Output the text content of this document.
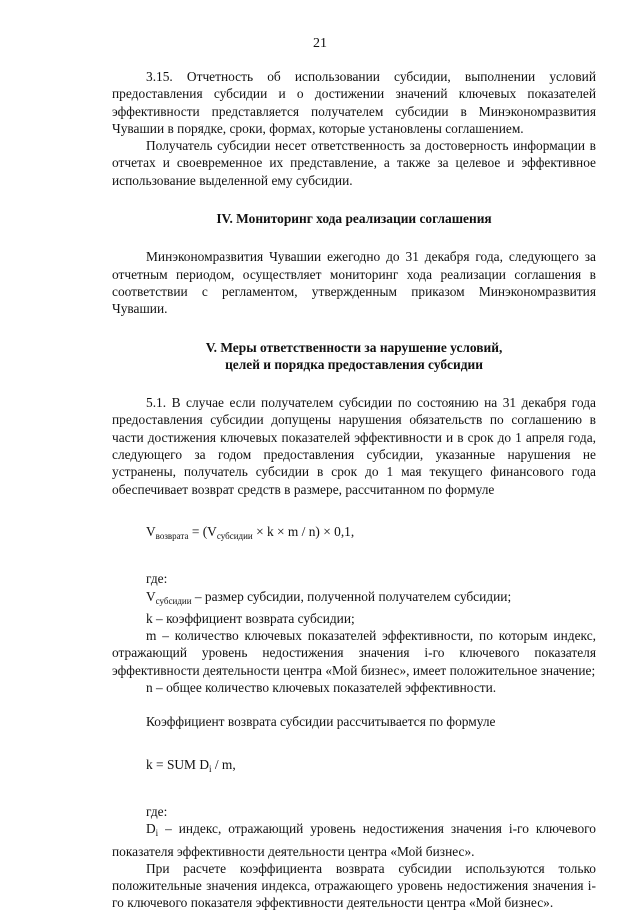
21

3.15. Отчетность об использовании субсидии, выполнении условий предоставления субсидии и о достижении значений ключевых показателей эффективности представляется получателем субсидии в Минэкономразвития Чувашии в порядке, сроки, формах, которые установлены соглашением.

Получатель субсидии несет ответственность за достоверность информации в отчетах и своевременное их представление, а также за целевое и эффективное использование выделенной ему субсидии.

IV. Мониторинг хода реализации соглашения

Минэкономразвития Чувашии ежегодно до 31 декабря года, следующего за отчетным периодом, осуществляет мониторинг хода реализации соглашения в соответствии с регламентом, утвержденным приказом Минэкономразвития Чувашии.

V. Меры ответственности за нарушение условий,

целей и порядка предоставления субсидии

5.1. В случае если получателем субсидии по состоянию на 31 декабря года предоставления субсидии допущены нарушения обязательств по соглашению в части достижения ключевых показателей эффективности и в срок до 1 апреля года, следующего за годом предоставления субсидии, указанные нарушения не устранены, получатель субсидии в срок до 1 мая текущего финансового года обеспечивает возврат средств в размере, рассчитанном по формуле

$V_{возврата} = (V_{субсидии} \times k \times m / n) \times 0,1$,

где:

$V_{субсидии}$ – размер субсидии, полученной получателем субсидии;

k – коэффициент возврата субсидии;

m – количество ключевых показателей эффективности, по которым индекс, отражающий уровень недостижения значения i-го ключевого показателя эффективности деятельности центра «Мой бизнес», имеет положительное значение;

n – общее количество ключевых показателей эффективности.

Коэффициент возврата субсидии рассчитывается по формуле

k = SUM $D_i$ / m,

где:

$D_i$ – индекс, отражающий уровень недостижения значения i-го ключевого показателя эффективности деятельности центра «Мой бизнес».

При расчете коэффициента возврата субсидии используются только положительные значения индекса, отражающего уровень недостижения значения i-го ключевого показателя эффективности деятельности центра «Мой бизнес».
